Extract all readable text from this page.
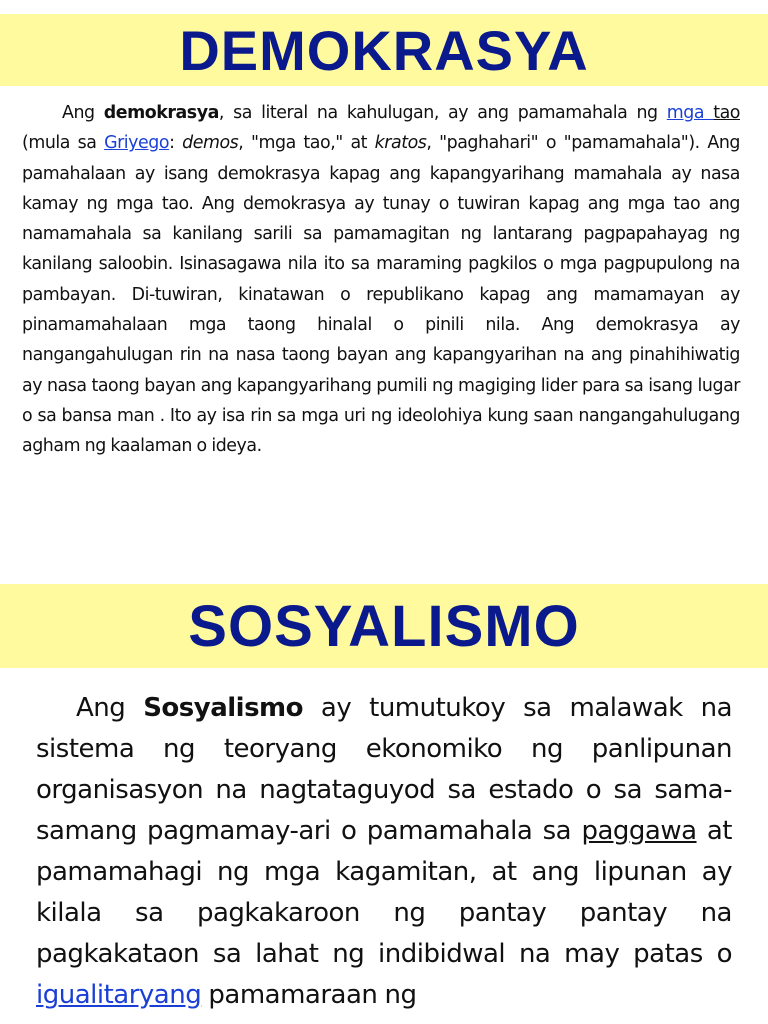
DEMOKRASYA

Ang demokrasya, sa literal na kahulugan, ay ang pamamahala ng mga tao (mula sa Griyego: demos, "mga tao," at kratos, "paghahari" o "pamamahala"). Ang pamahalaan ay isang demokrasya kapag ang kapangyarihang mamahala ay nasa kamay ng mga tao. Ang demokrasya ay tunay o tuwiran kapag ang mga tao ang namamahala sa kanilang sarili sa pamamagitan ng lantarang pagpapahayag ng kanilang saloobin. Isinasagawa nila ito sa maraming pagkilos o mga pagpupulong na pambayan. Di-tuwiran, kinatawan o republikano kapag ang mamamayan ay pinamamahalaan mga taong hinalal o pinili nila. Ang demokrasya ay nangangahulugan rin na nasa taong bayan ang kapangyarihan na ang pinahihiwatig ay nasa taong bayan ang kapangyarihang pumili ng magiging lider para sa isang lugar o sa bansa man . Ito ay isa rin sa mga uri ng ideolohiya kung saan nangangahulugang agham ng kaalaman o ideya.

SOSYALISMO

Ang Sosyalismo ay tumutukoy sa malawak na sistema ng teoryang ekonomiko ng panlipunan organisasyon na nagtataguyod sa estado o sa sama-samang pagmamay-ari o pamamahala sa paggawa at pamamahagi ng mga kagamitan, at ang lipunan ay kilala sa pagkakaroon ng pantay pantay na pagkakataon sa lahat ng indibidwal na may patas o igualitaryang pamamaraan ng
